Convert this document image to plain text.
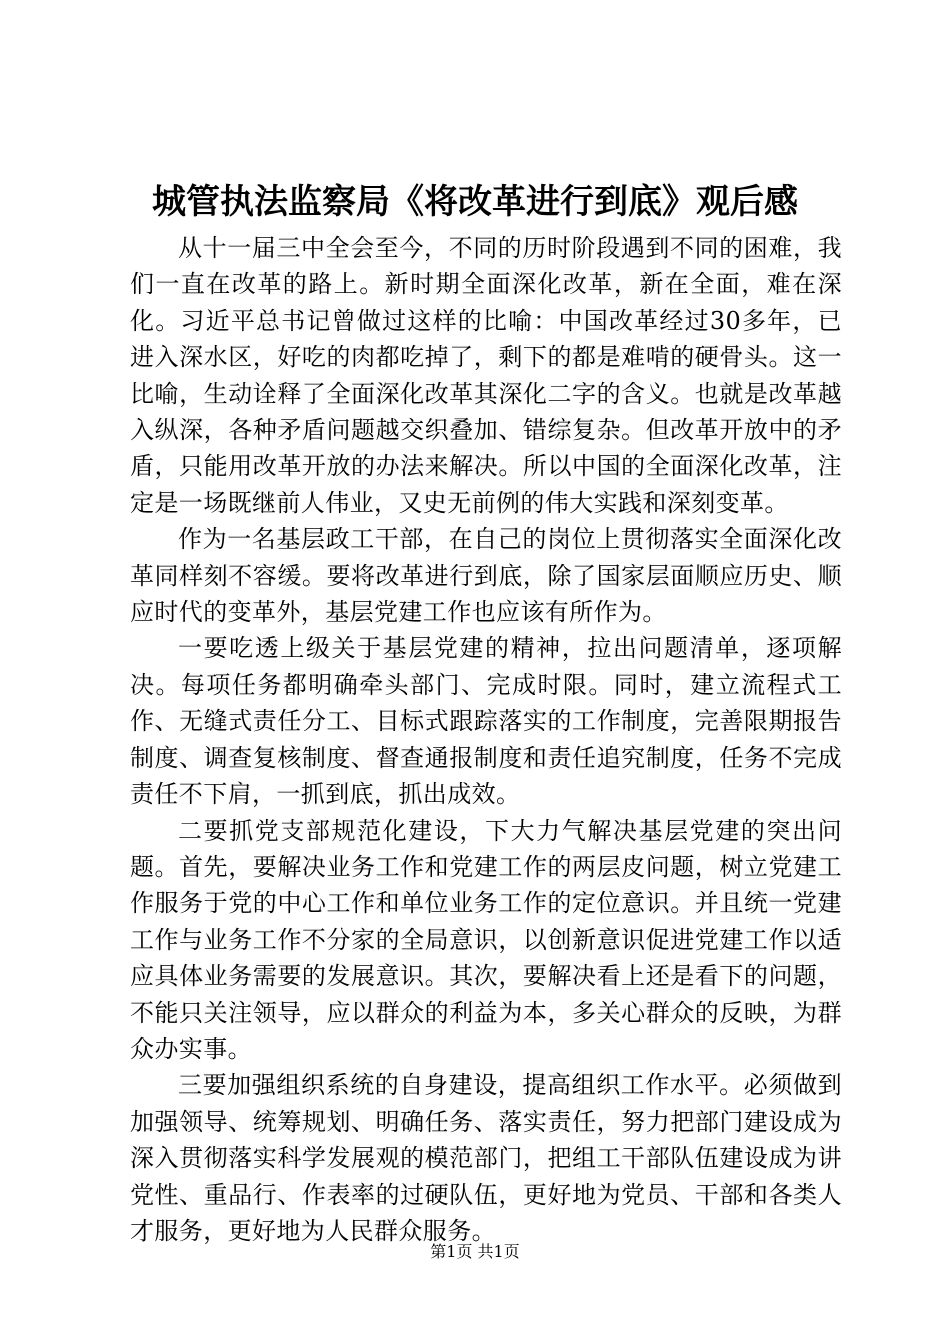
城管执法监察局《将改革进行到底》观后感

从十一届三中全会至今，不同的历时阶段遇到不同的困难，我们一直在改革的路上。新时期全面深化改革，新在全面，难在深化。习近平总书记曾做过这样的比喻：中国改革经过30多年，已进入深水区，好吃的肉都吃掉了，剩下的都是难啃的硬骨头。这一比喻，生动诠释了全面深化改革其深化二字的含义。也就是改革越入纵深，各种矛盾问题越交织叠加、错综复杂。但改革开放中的矛盾，只能用改革开放的办法来解决。所以中国的全面深化改革，注定是一场既继前人伟业，又史无前例的伟大实践和深刻变革。

作为一名基层政工干部，在自己的岗位上贯彻落实全面深化改革同样刻不容缓。要将改革进行到底，除了国家层面顺应历史、顺应时代的变革外，基层党建工作也应该有所作为。

一要吃透上级关于基层党建的精神，拉出问题清单，逐项解决。每项任务都明确牵头部门、完成时限。同时，建立流程式工作、无缝式责任分工、目标式跟踪落实的工作制度，完善限期报告制度、调查复核制度、督查通报制度和责任追究制度，任务不完成责任不下肩，一抓到底，抓出成效。

二要抓党支部规范化建设，下大力气解决基层党建的突出问题。首先，要解决业务工作和党建工作的两层皮问题，树立党建工作服务于党的中心工作和单位业务工作的定位意识。并且统一党建工作与业务工作不分家的全局意识，以创新意识促进党建工作以适应具体业务需要的发展意识。其次，要解决看上还是看下的问题，不能只关注领导，应以群众的利益为本，多关心群众的反映，为群众办实事。

三要加强组织系统的自身建设，提高组织工作水平。必须做到加强领导、统筹规划、明确任务、落实责任，努力把部门建设成为深入贯彻落实科学发展观的模范部门，把组工干部队伍建设成为讲党性、重品行、作表率的过硬队伍，更好地为党员、干部和各类人才服务，更好地为人民群众服务。

第1页 共1页
